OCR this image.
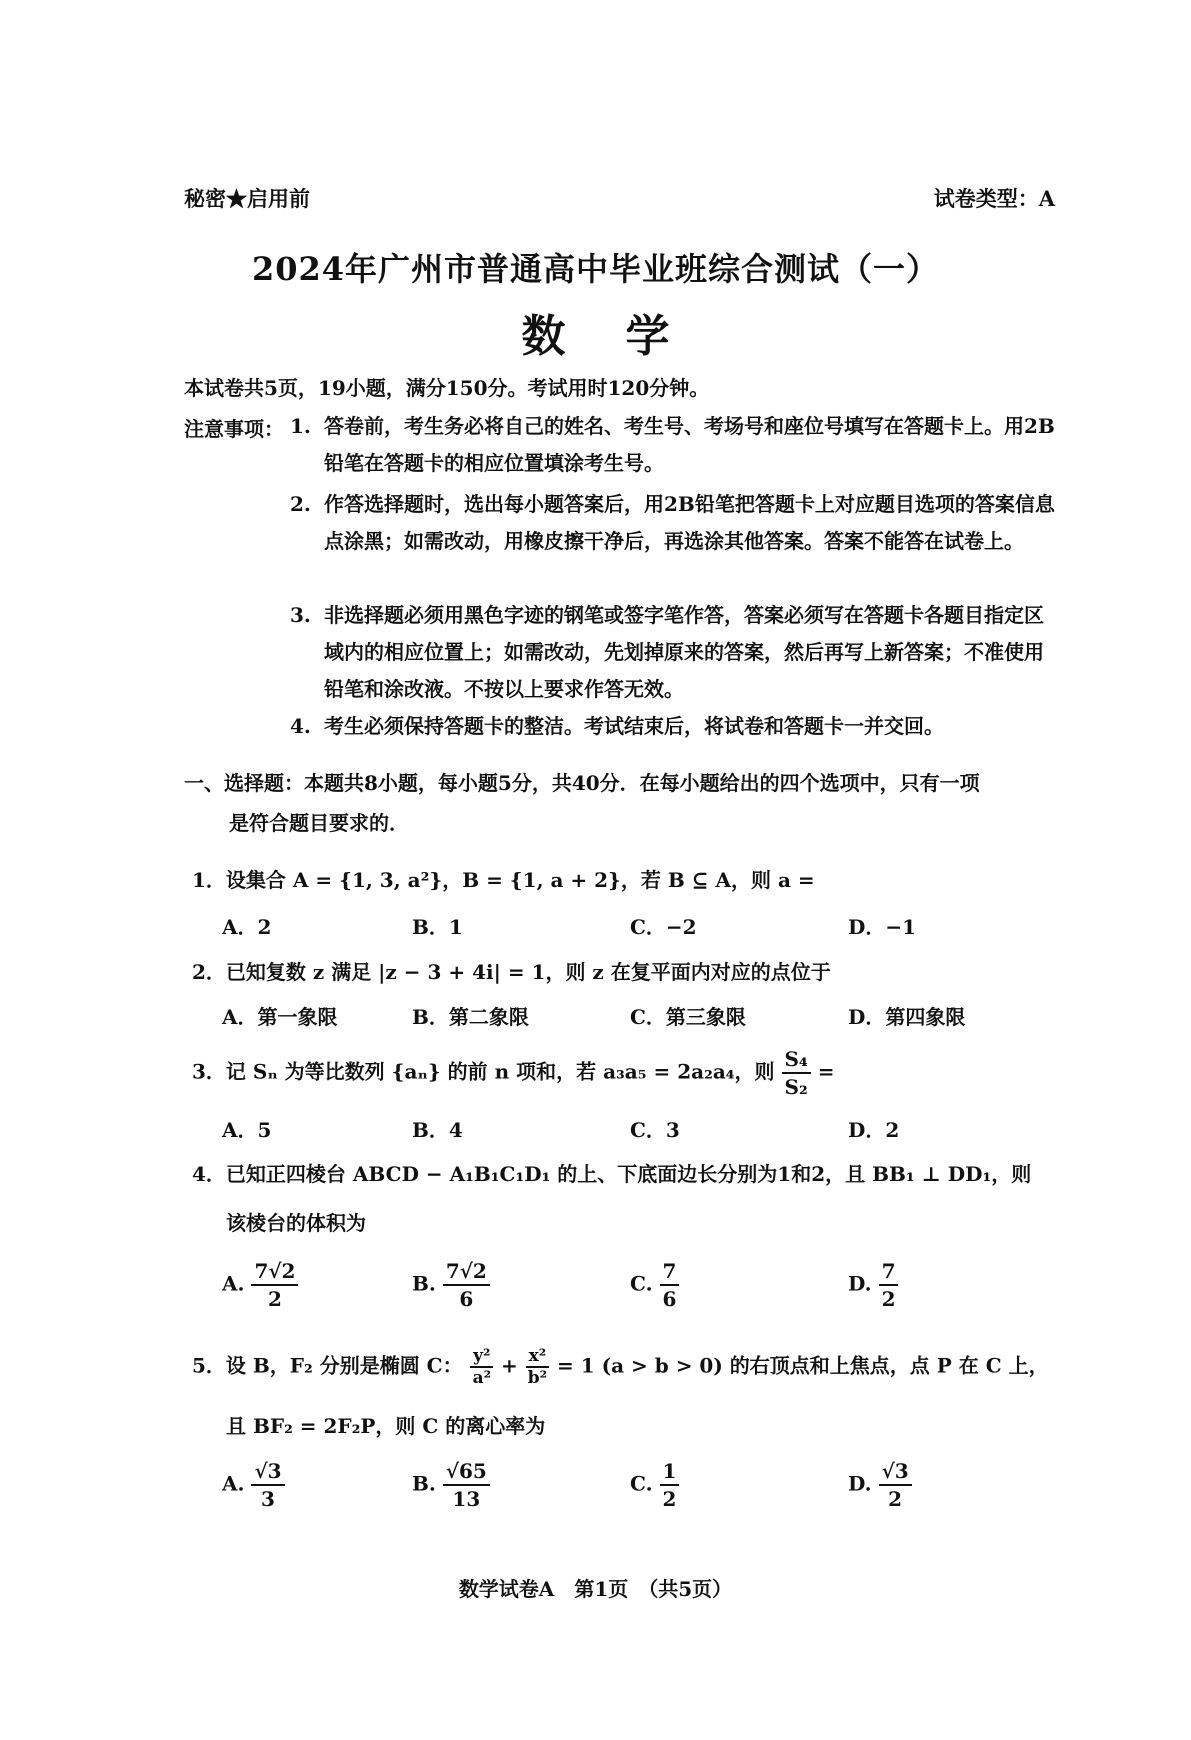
秘密★启用前	试卷类型：A
2024年广州市普通高中毕业班综合测试（一）
数学
本试卷共5页，19小题，满分150分。考试用时120分钟。
注意事项： 1. 答卷前，考生务必将自己的姓名、考生号、考场号和座位号填写在答题卡上。用2B铅笔在答题卡的相应位置填涂考生号。
2. 作答选择题时，选出每小题答案后，用2B铅笔把答题卡上对应题目选项的答案信息点涂黑；如需改动，用橡皮擦干净后，再选涂其他答案。答案不能答在试卷上。
3. 非选择题必须用黑色字迹的钢笔或签字笔作答，答案必须写在答题卡各题目指定区域内的相应位置上；如需改动，先划掉原来的答案，然后再写上新答案；不准使用铅笔和涂改液。不按以上要求作答无效。
4. 考生必须保持答题卡的整洁。考试结束后，将试卷和答题卡一并交回。
一、选择题：本题共8小题，每小题5分，共40分．在每小题给出的四个选项中，只有一项
是符合题目要求的．
1．设集合 A = {1, 3, a²}，B = {1, a + 2}，若 B ⊆ A，则 a =
A．2	B．1	C．−2	D．−1
2．已知复数 z 满足 |z − 3 + 4i| = 1，则 z 在复平面内对应的点位于
A．第一象限	B．第二象限	C．第三象限	D．第四象限
3．记 Sₙ 为等比数列 {aₙ} 的前 n 项和，若 a₃a₅ = 2a₂a₄，则 $\frac{\text{S₄}}{\text{S₂}}$ =
A．5	B．4	C．3	D．2
4．已知正四棱台 ABCD − A₁B₁C₁D₁ 的上、下底面边长分别为1和2，且 BB₁ ⊥ DD₁，则
该棱台的体积为
A. $\frac{7√2}{2}$	B. $\frac{7√2}{6}$	C. $\frac{7}{6}$	D. $\frac{7}{2}$
5．设 B，F₂ 分别是椭圆 C： $\frac{\text{y²}}{\text{a²}} + \frac{\text{x²}}{\text{b²}} = 1$ (a > b > 0) 的右顶点和上焦点，点 P 在 C 上，
且 BF₂ = 2F₂P，则 C 的离心率为
A. $\frac{√3}{3}$	B. $\frac{√65}{13}$	C. $\frac{1}{2}$	D. $\frac{√3}{2}$
数学试卷A　第1页　（共5页）
